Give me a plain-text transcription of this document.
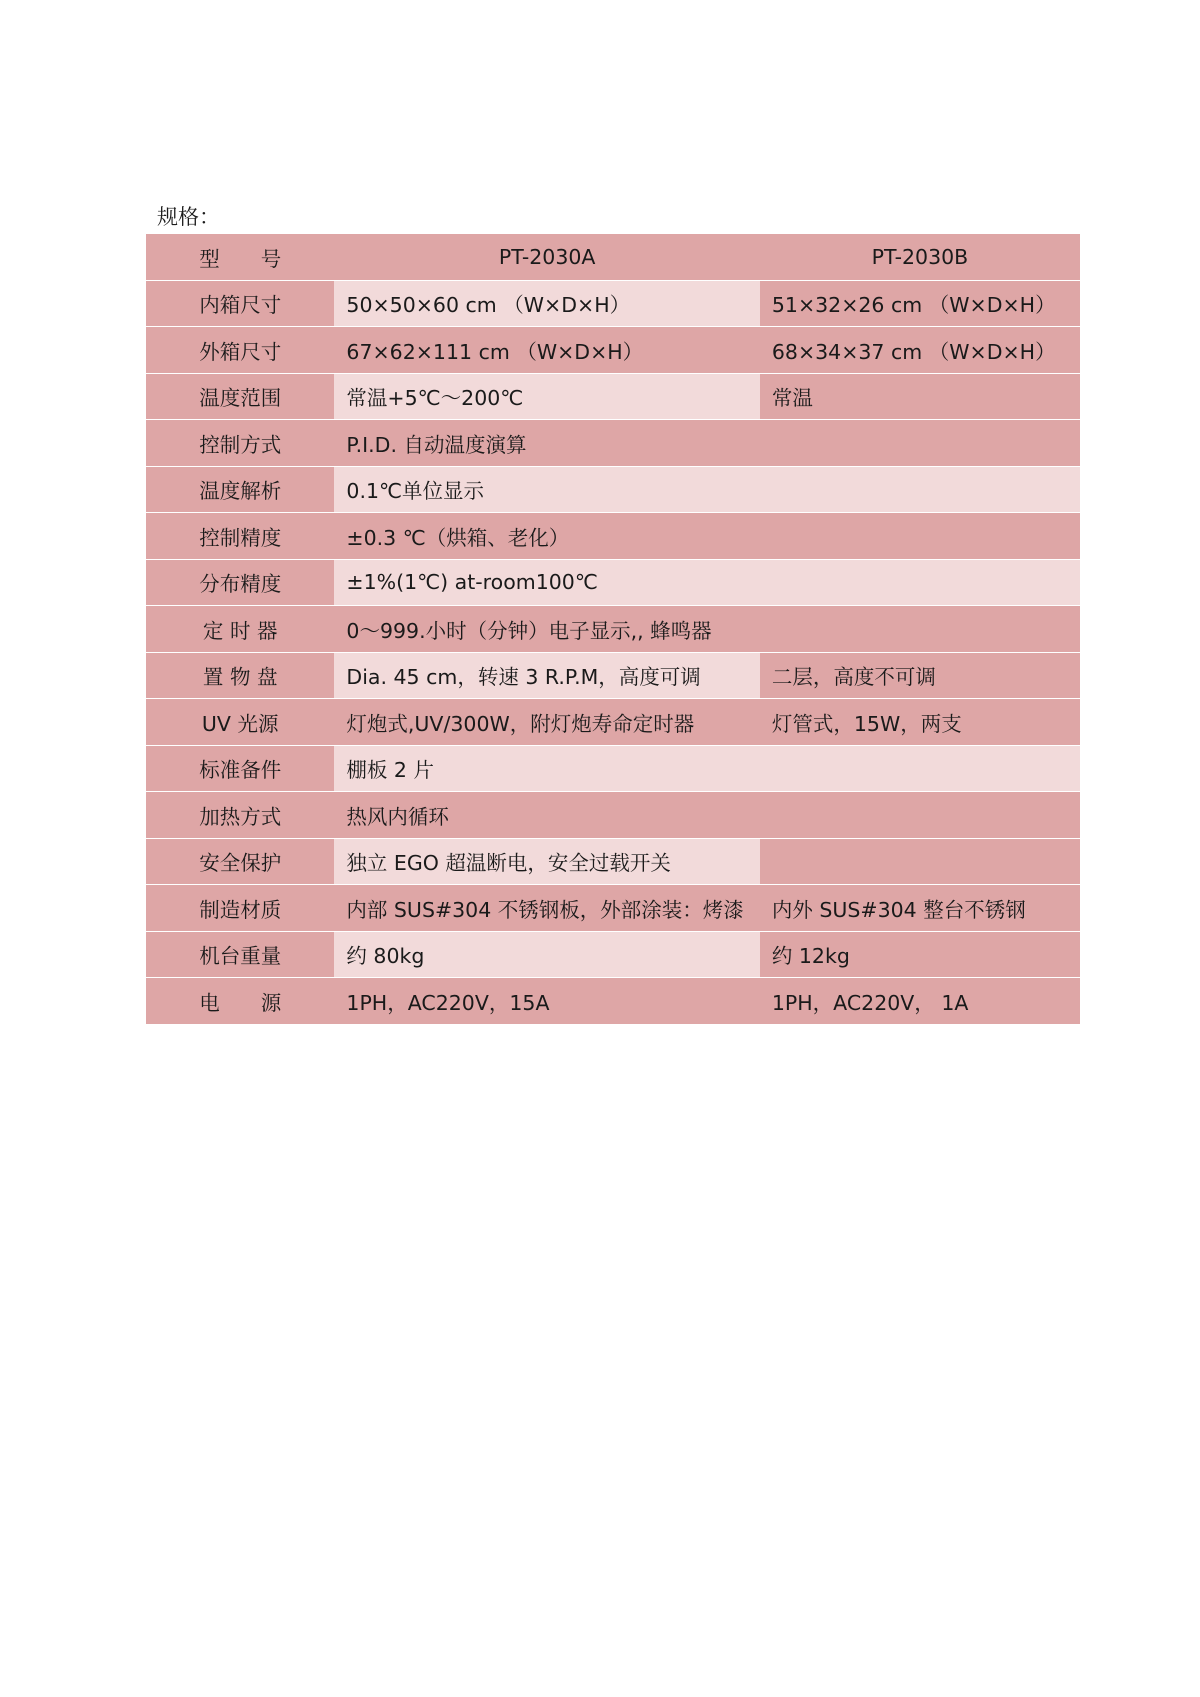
规格：
型　　号	PT-2030A	PT-2030B
内箱尺寸	50×50×60 cm （W×D×H）	51×32×26 cm （W×D×H）
外箱尺寸	67×62×111 cm （W×D×H）	68×34×37 cm （W×D×H）
温度范围	常温+5℃～200℃	常温
控制方式	P.I.D. 自动温度演算	
温度解析	0.1℃单位显示	
控制精度	±0.3 ℃（烘箱、老化）	
分布精度	±1%(1℃) at-room100℃	
定 时 器	0～999.小时（分钟）电子显示,, 蜂鸣器	
置 物 盘	Dia. 45 cm，转速 3 R.P.M，高度可调	二层，高度不可调
UV 光源	灯炮式,UV/300W，附灯炮寿命定时器	灯管式，15W，两支
标准备件	棚板 2 片	
加热方式	热风内循环	
安全保护	独立 EGO 超温断电，安全过载开关	
制造材质	内部 SUS#304 不锈钢板，外部涂装：烤漆	内外 SUS#304 整台不锈钢
机台重量	约 80kg	约 12kg
电　　源	1PH，AC220V，15A	1PH，AC220V， 1A
